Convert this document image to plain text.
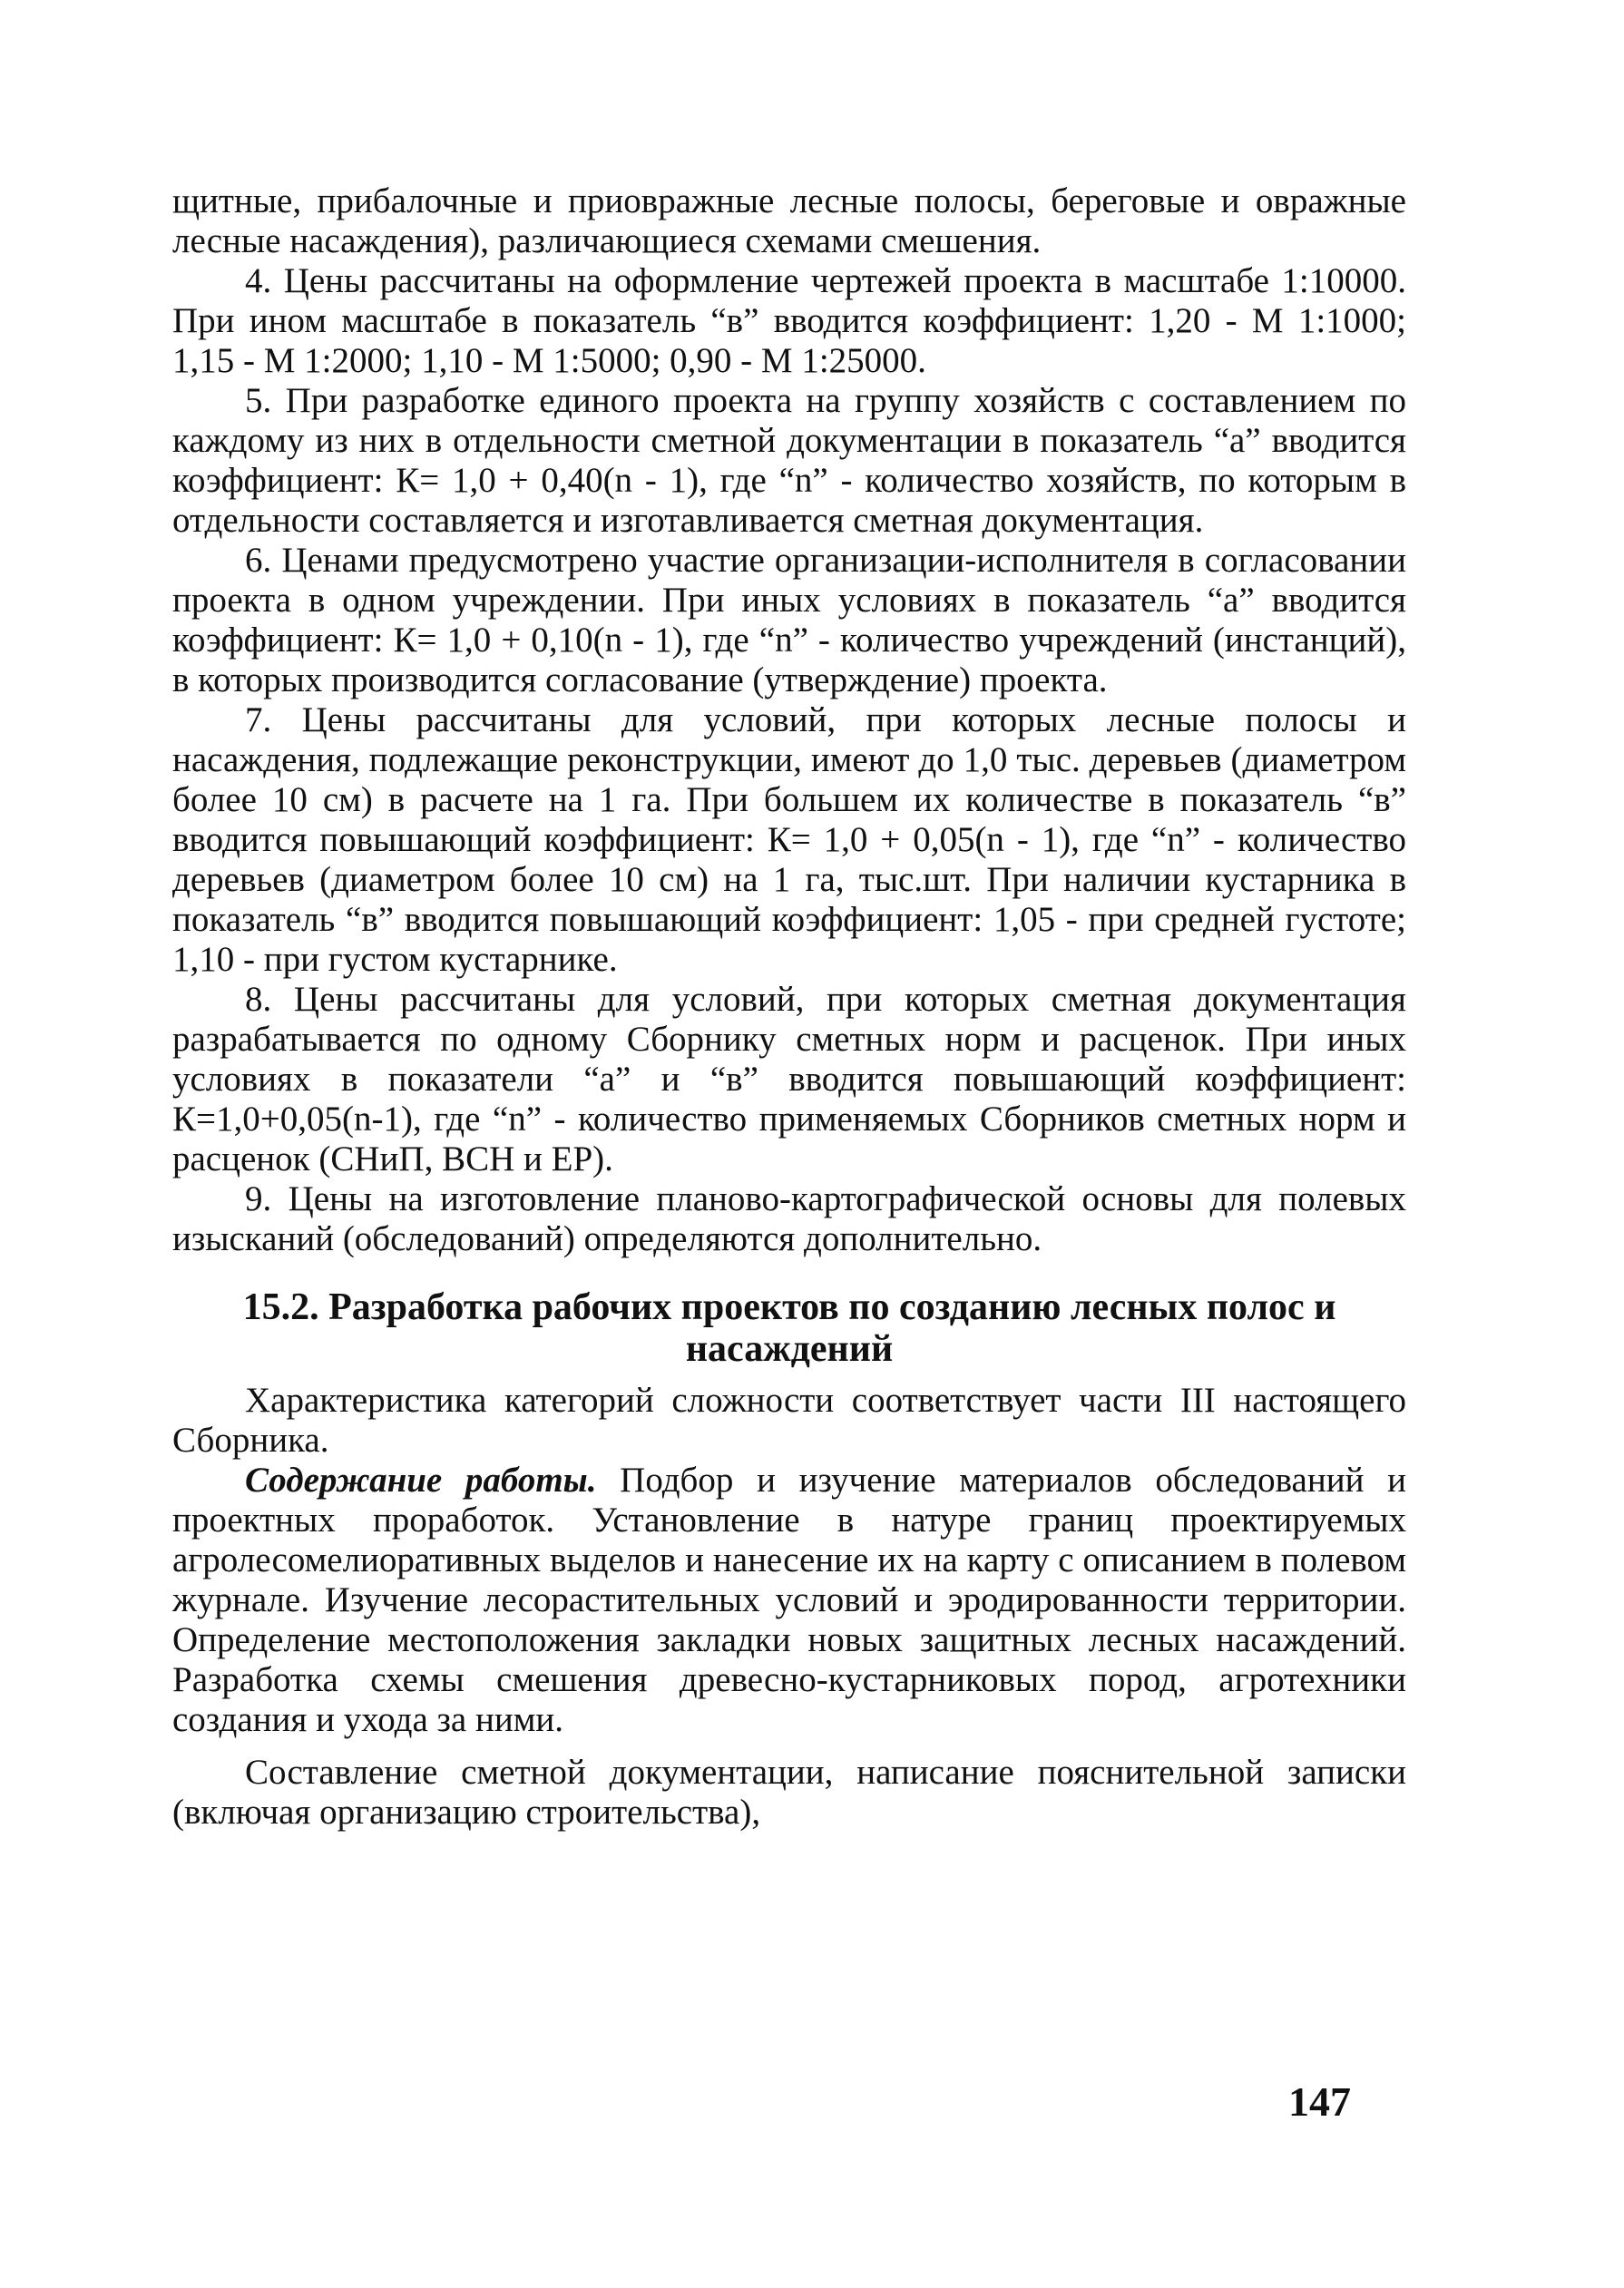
щитные, прибалочные и приовражные лесные полосы, береговые и овражные лесные насаждения), различающиеся схемами смешения.

4. Цены рассчитаны на оформление чертежей проекта в масштабе 1:10000. При ином масштабе в показатель “в” вводится коэффициент: 1,20 - М 1:1000; 1,15 - М 1:2000; 1,10 - М 1:5000; 0,90 - М 1:25000.

5. При разработке единого проекта на группу хозяйств с составлением по каждому из них в отдельности сметной документации в показатель “а” вводится коэффициент: К= 1,0 + 0,40(n - 1), где “n” - количество хозяйств, по которым в отдельности составляется и изготавливается сметная документация.

6. Ценами предусмотрено участие организации-исполнителя в согласовании проекта в одном учреждении. При иных условиях в показатель “а” вводится коэффициент: К= 1,0 + 0,10(n - 1), где “n” - количество учреждений (инстанций), в которых производится согласование (утверждение) проекта.

7. Цены рассчитаны для условий, при которых лесные полосы и насаждения, подлежащие реконструкции, имеют до 1,0 тыс. деревьев (диаметром более 10 см) в расчете на 1 га. При большем их количестве в показатель “в” вводится повышающий коэффициент: К= 1,0 + 0,05(n - 1), где “n” - количество деревьев (диаметром более 10 см) на 1 га, тыс.шт. При наличии кустарника в показатель “в” вводится повышающий коэффициент: 1,05 - при средней густоте; 1,10 - при густом кустарнике.

8. Цены рассчитаны для условий, при которых сметная документация разрабатывается по одному Сборнику сметных норм и расценок. При иных условиях в показатели “а” и “в” вводится повышающий коэффициент: К=1,0+0,05(n-1), где “n” - количество применяемых Сборников сметных норм и расценок (СНиП, ВСН и ЕР).

9. Цены на изготовление планово-картографической основы для полевых изысканий (обследований) определяются дополнительно.

15.2. Разработка рабочих проектов по созданию лесных полос и насаждений

Характеристика категорий сложности соответствует части III настоящего Сборника.

Содержание работы. Подбор и изучение материалов обследований и проектных проработок. Установление в натуре границ проектируемых агролесомелиоративных выделов и нанесение их на карту с описанием в полевом журнале. Изучение лесорастительных условий и эродированности территории. Определение местоположения закладки новых защитных лесных насаждений. Разработка схемы смешения древесно-кустарниковых пород, агротехники создания и ухода за ними.

Составление сметной документации, написание пояснительной записки (включая организацию строительства),

147
